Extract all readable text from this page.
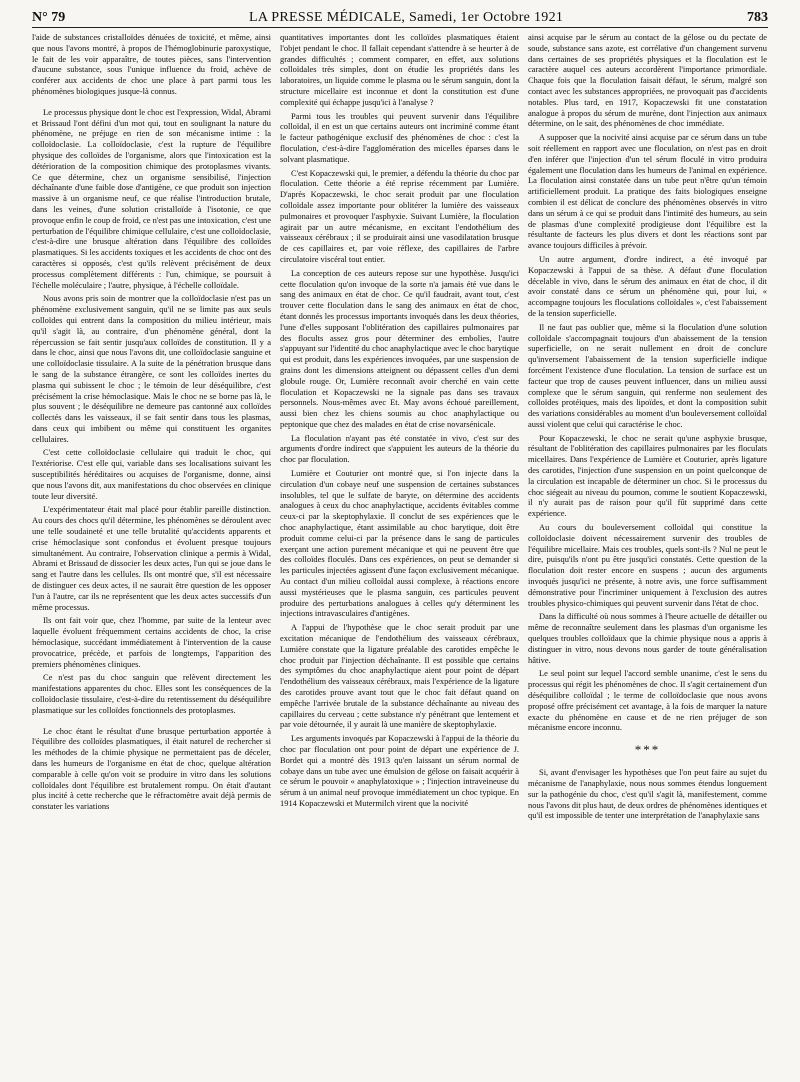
N° 79	LA PRESSE MÉDICALE, Samedi, 1er Octobre 1921	783

l'aide de substances cristalloïdes dénuées de toxicité, et même, ainsi que nous l'avons montré, à propos de l'hémoglobinurie paroxystique, le fait de les voir apparaître, de toutes pièces, sans l'intervention d'aucune substance, sous l'unique influence du froid, achève de conférer aux accidents de choc une place à part parmi tous les phénomènes biologiques jusque-là connus.

Le processus physique dont le choc est l'expression, Widal, Abrami et Brissaud l'ont défini d'un mot qui, tout en soulignant la nature du phénomène, ne préjuge en rien de son mécanisme intime : la colloïdoclasie. La colloïdoclasie, c'est la rupture de l'équilibre physique des colloïdes de l'organisme, alors que l'intoxication est la détérioration de la composition chimique des protoplasmes vivants. Ce que détermine, chez un organisme sensibilisé, l'injection déchaînante d'une faible dose d'antigène, ce que produit son injection massive à un organisme neuf, ce que réalise l'introduction brutale, dans les veines, d'une solution cristalloïde à l'isotonie, ce que provoque enfin le coup de froid, ce n'est pas une intoxication, c'est une perturbation de l'équilibre chimique cellulaire, c'est une colloïdoclasie, c'est-à-dire une brusque altération dans l'équilibre des colloïdes plasmatiques. Si les accidents toxiques et les accidents de choc ont des caractères si opposés, c'est qu'ils relèvent précisément de deux processus complètement différents : l'un, chimique, se poursuit à l'échelle moléculaire ; l'autre, physique, à l'échelle colloïdale.

Nous avons pris soin de montrer que la colloïdoclasie n'est pas un phénomène exclusivement sanguin, qu'il ne se limite pas aux seuls colloïdes qui entrent dans la composition du milieu intérieur, mais qu'il s'agit là, au contraire, d'un phénomène général, dont la répercussion se fait sentir jusqu'aux colloïdes de constitution. Il y a dans le choc, ainsi que nous l'avons dit, une colloïdoclasie sanguine et une colloïdoclasie tissulaire. A la suite de la pénétration brusque dans le sang de la substance étrangère, ce sont les colloïdes inertes du plasma qui subissent le choc ; le témoin de leur déséquilibre, c'est précisément la crise hémoclasique. Mais le choc ne se borne pas là, le plus souvent ; le déséquilibre ne demeure pas cantonné aux colloïdes collectés dans les vaisseaux, il se fait sentir dans tous les plasmas, dans ceux qui imbibent ou même qui constituent les organites cellulaires.

C'est cette colloïdoclasie cellulaire qui traduit le choc, qui l'extériorise. C'est elle qui, variable dans ses localisations suivant les susceptibilités héréditaires ou acquises de l'organisme, donne, ainsi que nous l'avons dit, aux manifestations du choc observées en clinique toute leur diversité.

L'expérimentateur était mal placé pour établir pareille distinction. Au cours des chocs qu'il détermine, les phénomènes se déroulent avec une telle soudaineté et une telle brutalité qu'accidents apparents et crise hémoclasique sont confondus et évoluent presque toujours simultanément. Au contraire, l'observation clinique a permis à Widal, Abrami et Brissaud de dissocier les deux actes, l'un qui se joue dans le sang et l'autre dans les cellules. Ils ont montré que, s'il est nécessaire de distinguer ces deux actes, il ne saurait être question de les opposer l'un à l'autre, car ils ne représentent que les deux actes successifs d'un même processus.

Ils ont fait voir que, chez l'homme, par suite de la lenteur avec laquelle évoluent fréquemment certains accidents de choc, la crise hémoclasique, succédant immédiatement à l'intervention de la cause provocatrice, précède, et parfois de longtemps, l'apparition des premiers phénomènes cliniques.

Ce n'est pas du choc sanguin que relèvent directement les manifestations apparentes du choc. Elles sont les conséquences de la colloïdoclasie tissulaire, c'est-à-dire du retentissement du déséquilibre plasmatique sur les colloïdes fonctionnels des protoplasmes.

Le choc étant le résultat d'une brusque perturbation apportée à l'équilibre des colloïdes plasmatiques, il était naturel de rechercher si les méthodes de la chimie physique ne permettaient pas de déceler, dans les humeurs de l'organisme en état de choc, quelque altération comparable à celle qu'on voit se produire in vitro dans les solutions colloïdales dont l'équilibre est brutalement rompu. On était d'autant plus incité à cette recherche que le réfractomètre avait déjà permis de constater les variations

quantitatives importantes dont les colloïdes plasmatiques étaient l'objet pendant le choc. Il fallait cependant s'attendre à se heurter à de grandes difficultés ; comment comparer, en effet, aux solutions colloïdales très simples, dont on étudie les propriétés dans les laboratoires, un liquide comme le plasma ou le sérum sanguin, dont la structure micellaire est inconnue et dont la constitution est d'une complexité qui échappe jusqu'ici à l'analyse ?

Parmi tous les troubles qui peuvent survenir dans l'équilibre colloïdal, il en est un que certains auteurs ont incriminé comme étant le facteur pathogénique exclusif des phénomènes de choc : c'est la floculation, c'est-à-dire l'agglomération des micelles éparses dans le solvant plasmatique.

C'est Kopaczewski qui, le premier, a défendu la théorie du choc par floculation. Cette théorie a été reprise récemment par Lumière. D'après Kopaczewski, le choc serait produit par une floculation colloïdale assez importante pour oblitérer la lumière des vaisseaux pulmonaires et provoquer l'asphyxie. Suivant Lumière, la floculation agirait par un autre mécanisme, en excitant l'endothélium des vaisseaux cérébraux ; il se produirait ainsi une vasodilatation brusque de ces capillaires et, par voie réflexe, des capillaires de l'arbre circulatoire viscéral tout entier.

La conception de ces auteurs repose sur une hypothèse. Jusqu'ici cette floculation qu'on invoque de la sorte n'a jamais été vue dans le sang des animaux en état de choc. Ce qu'il faudrait, avant tout, c'est trouver cette floculation dans le sang des animaux en état de choc, étant donnés les processus importants invoqués dans les deux théories, l'une d'elles supposant l'oblitération des capillaires pulmonaires par des flocults assez gros pour déterminer des embolies, l'autre s'appuyant sur l'identité du choc anaphylactique avec le choc barytique qui est produit, dans les expériences invoquées, par une suspension de grains dont les dimensions atteignent ou dépassent celles d'un demi globule rouge. Or, Lumière reconnaît avoir cherché en vain cette floculation et Kopaczewski ne la signale pas dans ses travaux personnels. Nous-mêmes avec Et. May avons échoué pareillement, aussi bien chez les chiens soumis au choc anaphylactique ou peptonique que chez des malades en état de crise novarsénicale.

La floculation n'ayant pas été constatée in vivo, c'est sur des arguments d'ordre indirect que s'appuient les auteurs de la théorie du choc par floculation.

Lumière et Couturier ont montré que, si l'on injecte dans la circulation d'un cobaye neuf une suspension de certaines substances insolubles, tel que le sulfate de baryte, on détermine des accidents analogues à ceux du choc anaphylactique, accidents évitables comme ceux-ci par la skeptophylaxie. Il conclut de ses expériences que le choc anaphylactique, étant assimilable au choc barytique, doit être produit comme celui-ci par la présence dans le sang de particules exerçant une action purement mécanique et qui ne peuvent être que des colloïdes floculés. Dans ces expériences, on peut se demander si les particules injectées agissent d'une façon exclusivement mécanique. Au contact d'un milieu colloïdal aussi complexe, à réactions encore aussi mystérieuses que le plasma sanguin, ces particules peuvent produire des perturbations analogues à celles qu'y déterminent les injections intravasculaires d'antigènes.

A l'appui de l'hypothèse que le choc serait produit par une excitation mécanique de l'endothélium des vaisseaux cérébraux, Lumière constate que la ligature préalable des carotides empêche le choc produit par l'injection déchaînante. Il est possible que certains des symptômes du choc anaphylactique aient pour point de départ l'endothélium des vaisseaux cérébraux, mais l'expérience de la ligature des carotides prouve avant tout que le choc fait défaut quand on empêche l'arrivée brutale de la substance déchaînante au niveau des capillaires du cerveau ; cette substance n'y pénétrant que lentement et par voie détournée, il y aurait là une manière de skeptophylaxie.

Les arguments invoqués par Kopaczewski à l'appui de la théorie du choc par floculation ont pour point de départ une expérience de J. Bordet qui a montré dès 1913 qu'en laissant un sérum normal de cobaye dans un tube avec une émulsion de gélose on faisait acquérir à ce sérum le pouvoir « anaphylatoxique » ; l'injection intraveineuse du sérum à un animal neuf provoque immédiatement un choc typique. En 1914 Kopaczewski et Mutermilch virent que la nocivité

ainsi acquise par le sérum au contact de la gélose ou du pectate de soude, substance sans azote, est corrélative d'un changement survenu dans certaines de ses propriétés physiques et la floculation est le caractère auquel ces auteurs accordèrent l'importance primordiale. Chaque fois que la floculation faisait défaut, le sérum, malgré son contact avec les substances appropriées, ne provoquait pas d'accidents notables. Plus tard, en 1917, Kopaczewski fit une constatation analogue à propos du sérum de murène, dont l'injection aux animaux détermine, on le sait, des phénomènes de choc immédiate.

A supposer que la nocivité ainsi acquise par ce sérum dans un tube soit réellement en rapport avec une floculation, on n'est pas en droit d'en inférer que l'injection d'un tel sérum floculé in vitro produira également une floculation dans les humeurs de l'animal en expérience. La floculation ainsi constatée dans un tube peut n'être qu'un témoin artificiellement produit. La pratique des faits biologiques enseigne combien il est délicat de conclure des phénomènes observés in vitro dans un sérum à ce qui se produit dans l'intimité des humeurs, au sein de plasmas d'une complexité prodigieuse dont l'équilibre est la résultante de facteurs les plus divers et dont les réactions sont par avance toujours difficiles à prévoir.

Un autre argument, d'ordre indirect, a été invoqué par Kopaczewski à l'appui de sa thèse. A défaut d'une floculation décelable in vivo, dans le sérum des animaux en état de choc, il dit avoir constaté dans ce sérum un phénomène qui, pour lui, « accompagne toujours les floculations colloïdales », c'est l'abaissement de la tension superficielle.

Il ne faut pas oublier que, même si la floculation d'une solution colloïdale s'accompagnait toujours d'un abaissement de la tension superficielle, on ne serait nullement en droit de conclure qu'inversement l'abaissement de la tension superficielle indique forcément l'existence d'une floculation. La tension de surface est un facteur que trop de causes peuvent influencer, dans un milieu aussi complexe que le sérum sanguin, qui renferme non seulement des colloïdes protéiques, mais des lipoïdes, et dont la composition subit des variations considérables au moment d'un bouleversement colloïdal aussi violent que celui qui caractérise le choc.

Pour Kopaczewski, le choc ne serait qu'une asphyxie brusque, résultant de l'oblitération des capillaires pulmonaires par les floculats micellaires. Dans l'expérience de Lumière et Couturier, après ligature des carotides, l'injection d'une suspension en un point quelconque de la circulation est incapable de déterminer un choc. Si le processus du choc siégeait au niveau du poumon, comme le soutient Kopaczewski, il n'y aurait pas de raison pour qu'il fût supprimé dans cette expérience.

Au cours du bouleversement colloïdal qui constitue la colloïdoclasie doivent nécessairement survenir des troubles de l'équilibre micellaire. Mais ces troubles, quels sont-ils ? Nul ne peut le dire, puisqu'ils n'ont pu être jusqu'ici constatés. Cette question de la floculation doit rester encore en suspens ; aucun des arguments invoqués jusqu'ici ne présente, à notre avis, une force suffisamment démonstrative pour l'incriminer uniquement à l'exclusion des autres troubles physico-chimiques qui peuvent survenir dans l'état de choc.

Dans la difficulté où nous sommes à l'heure actuelle de détailler ou même de reconnaître seulement dans les plasmas d'un organisme les quelques troubles colloïdaux que la chimie physique nous a appris à distinguer in vitro, nous devons nous garder de toute généralisation hâtive.

Le seul point sur lequel l'accord semble unanime, c'est le sens du processus qui régit les phénomènes de choc. Il s'agit certainement d'un déséquilibre colloïdal ; le terme de colloïdoclasie que nous avons proposé offre précisément cet avantage, à la fois de marquer la nature exacte du phénomène en cause et de ne rien préjuger de son mécanisme encore inconnu.

***

Si, avant d'envisager les hypothèses que l'on peut faire au sujet du mécanisme de l'anaphylaxie, nous nous sommes étendus longuement sur la pathogénie du choc, c'est qu'il s'agit là, manifestement, comme nous l'avons dit plus haut, de deux ordres de phénomènes identiques et qu'il est impossible de tenter une interprétation de l'anaphylaxie sans
